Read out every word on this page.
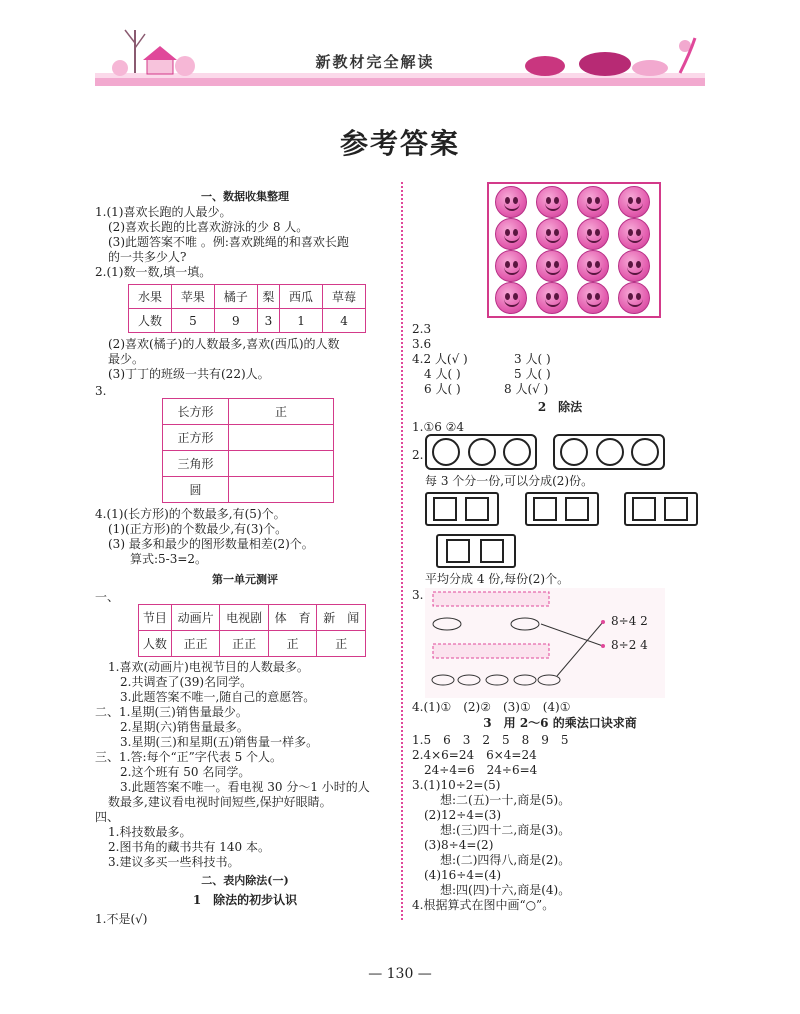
新教材完全解读
参考答案
一、数据收集整理
1.(1)喜欢长跑的人最少。
(2)喜欢长跑的比喜欢游泳的少 8 人。
(3)此题答案不唯 。例:喜欢跳绳的和喜欢长跑
的一共多少人?
2.(1)数一数,填一填。
水果	苹果	橘子	梨	西瓜	草莓
人数	5	9	3	1	4
(2)喜欢(橘子)的人数最多,喜欢(西瓜)的人数
最少。
(3)丁丁的班级一共有(22)人。
3.
长方形	正
正方形	
三角形	
圆	
4.(1)(长方形)的个数最多,有(5)个。
(1)(正方形)的个数最少,有(3)个。
(3) 最多和最少的图形数量相差(2)个。
算式:5-3=2。
第一单元测评
一、
节目	动画片	电视剧	体　育	新　闻
人数	正正	正正	正	正
1.喜欢(动画片)电视节目的人数最多。
2.共调查了(39)名同学。
3.此题答案不唯一,随自己的意愿答。
二、1.星期(三)销售量最少。
2.星期(六)销售量最多。
3.星期(三)和星期(五)销售量一样多。
三、1.答:每个“正”字代表 5 个人。
2.这个班有 50 名同学。
3.此题答案不唯一。看电视 30 分～1 小时的人
数最多,建议看电视时间短些,保护好眼睛。
四、
1.科技数最多。
2.图书角的藏书共有 140 本。
3.建议多买一些科技书。
二、表内除法(一)
1　除法的初步认识
1.不是(√)
2.3
3.6
4.2 人(√ )	3 人( )
4 人( )	5 人( )
6 人( )	8 人(√ )
2　除法
1.①6 ②4
2.
每 3 个分一份,可以分成(2)份。
平均分成 4 份,每份(2)个。
3.
8÷4 2
8÷2 4
4.(1)①　(2)②　(3)①　(4)①
3　用 2～6 的乘法口诀求商
1.5　6　3　2　5　8　9　5
2.4×6=24　6×4=24
24÷4=6　24÷6=4
3.(1)10÷2=(5)
想:二(五)一十,商是(5)。
(2)12÷4=(3)
想:(三)四十二,商是(3)。
(3)8÷4=(2)
想:(二)四得八,商是(2)。
(4)16÷4=(4)
想:四(四)十六,商是(4)。
4.根据算式在图中画“○”。
— 130 —
